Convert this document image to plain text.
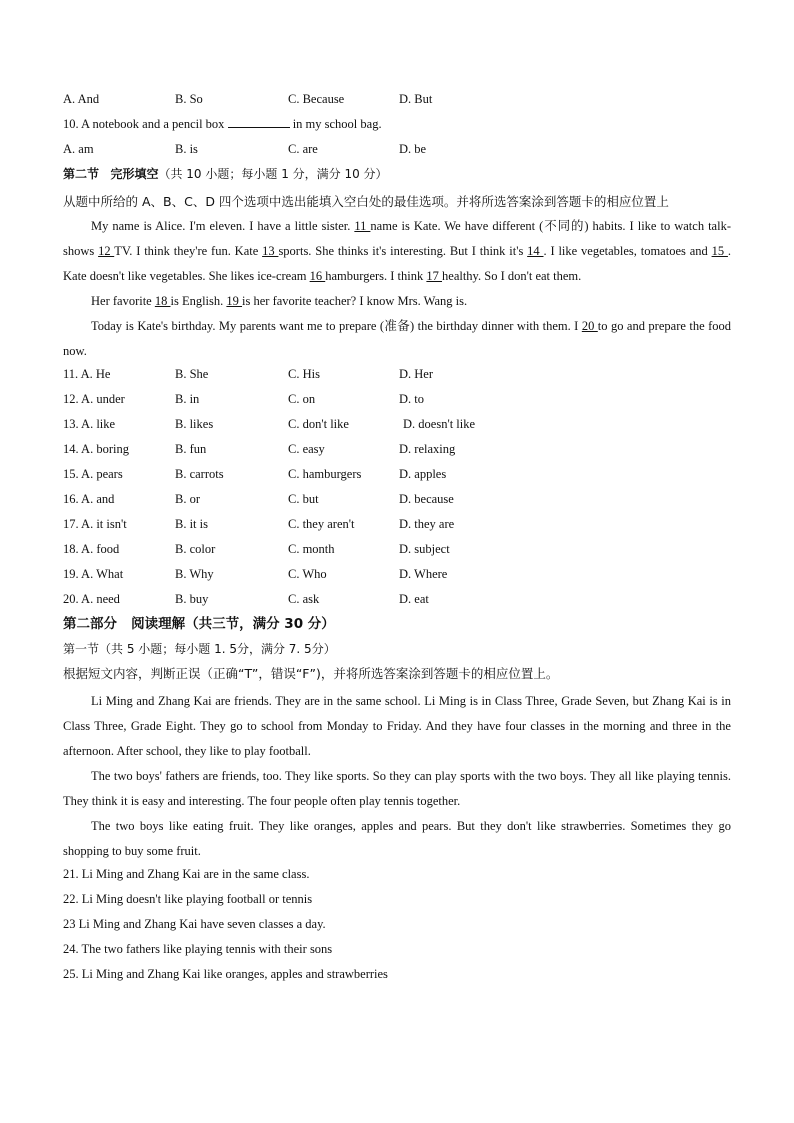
A. And	B. So	C. Because	D. But
10. A notebook and a pencil box	in my school bag.
A. am	B. is	C. are	D. be
第二节 完形填空（共 10 小题；每小题 1 分，满分 10 分）
从题中所给的 A、B、C、D 四个选项中选出能填入空白处的最佳选项。并将所选答案涂到答题卡的相应位置上
My name is Alice. I'm eleven. I have a little sister. 11 name is Kate. We have different (不同的) habits. I like to watch talk-shows 12 TV. I think they're fun. Kate 13 sports. She thinks it's interesting. But I think it's 14 . I like vegetables, tomatoes and 15 . Kate doesn't like vegetables. She likes ice-cream 16 hamburgers. I think 17 healthy. So I don't eat them.
Her favorite 18 is English. 19 is her favorite teacher? I know Mrs. Wang is.
Today is Kate's birthday. My parents want me to prepare (准备) the birthday dinner with them. I 20 to go and prepare the food now.
11. A. He	B. She	C. His	D. Her
12. A. under	B. in	C. on	D. to
13. A. like	B. likes	C. don't like	D. doesn't like
14. A. boring	B. fun	C. easy	D. relaxing
15. A. pears	B. carrots	C. hamburgers	D. apples
16. A. and	B. or	C. but	D. because
17. A. it isn't	B. it is	C. they aren't	D. they are
18. A. food	B. color	C. month	D. subject
19. A. What	B. Why	C. Who	D. Where
20. A. need	B. buy	C. ask	D. eat
第二部分 阅读理解（共三节，满分 30 分）
第一节（共 5 小题；每小题 1. 5分，满分 7. 5分）
根据短文内容，判断正误（正确“T”，错误“F”)，并将所选答案涂到答题卡的相应位置上。
Li Ming and Zhang Kai are friends. They are in the same school. Li Ming is in Class Three, Grade Seven, but Zhang Kai is in Class Three, Grade Eight. They go to school from Monday to Friday. And they have four classes in the morning and three in the afternoon. After school, they like to play football.
The two boys' fathers are friends, too. They like sports. So they can play sports with the two boys. They all like playing tennis. They think it is easy and interesting. The four people often play tennis together.
The two boys like eating fruit. They like oranges, apples and pears. But they don't like strawberries. Sometimes they go shopping to buy some fruit.
21. Li Ming and Zhang Kai are in the same class.
22. Li Ming doesn't like playing football or tennis
23 Li Ming and Zhang Kai have seven classes a day.
24. The two fathers like playing tennis with their sons
25. Li Ming and Zhang Kai like oranges, apples and strawberries
